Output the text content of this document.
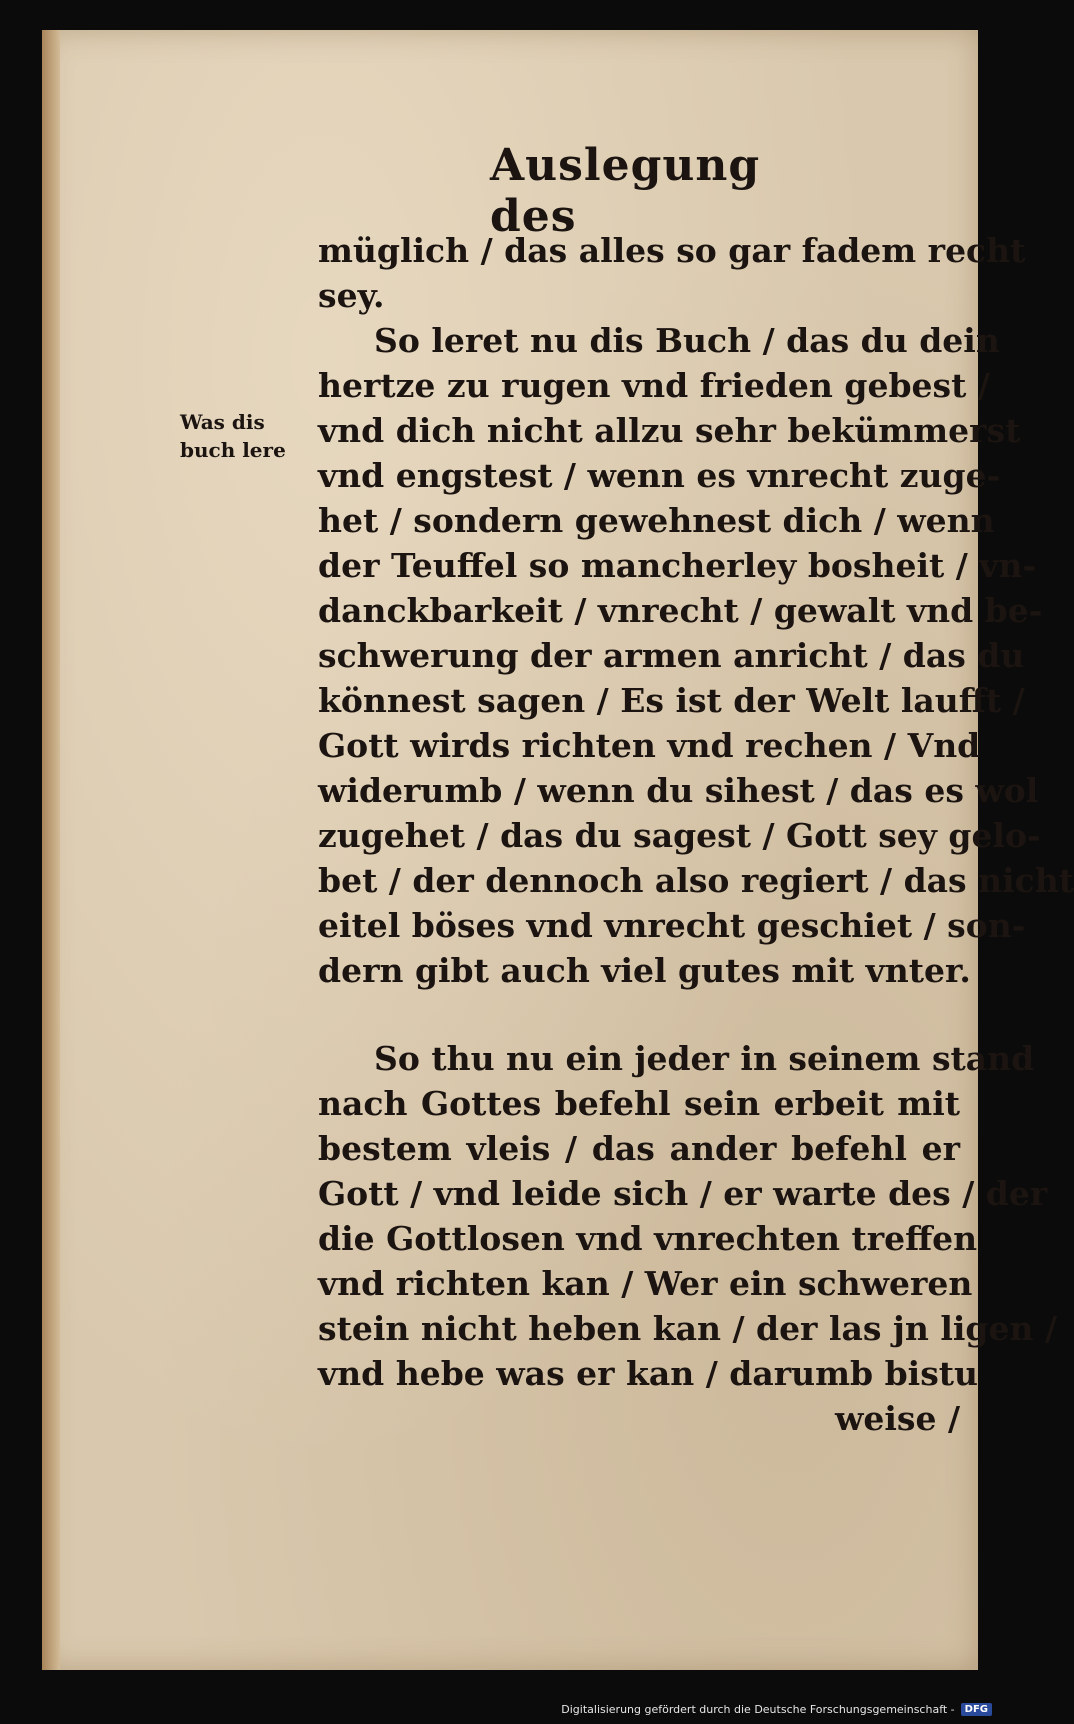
Auslegung des
Was dis buch lere
müglich / das alles so gar fadem recht
sey.
So leret nu dis Buch / das du dein
hertze zu rugen vnd frieden gebest /
vnd dich nicht allzu sehr bekümmerst
vnd engstest / wenn es vnrecht zuge-
het / sondern gewehnest dich / wenn
der Teuffel so mancherley bosheit / vn-
danckbarkeit / vnrecht / gewalt vnd be-
schwerung der armen anricht / das du
könnest sagen / Es ist der Welt laufft /
Gott wirds richten vnd rechen / Vnd
widerumb / wenn du sihest / das es wol
zugehet / das du sagest / Gott sey gelo-
bet / der dennoch also regiert / das nicht
eitel böses vnd vnrecht geschiet / son-
dern gibt auch viel gutes mit vnter.
So thu nu ein jeder in seinem stand
nach Gottes befehl sein erbeit mit
bestem vleis / das ander befehl er
Gott / vnd leide sich / er warte des / der
die Gottlosen vnd vnrechten treffen
vnd richten kan / Wer ein schweren
stein nicht heben kan / der las jn ligen /
vnd hebe was er kan / darumb bistu
weise /
Digitalisierung gefördert durch die Deutsche Forschungsgemeinschaft -	DFG
